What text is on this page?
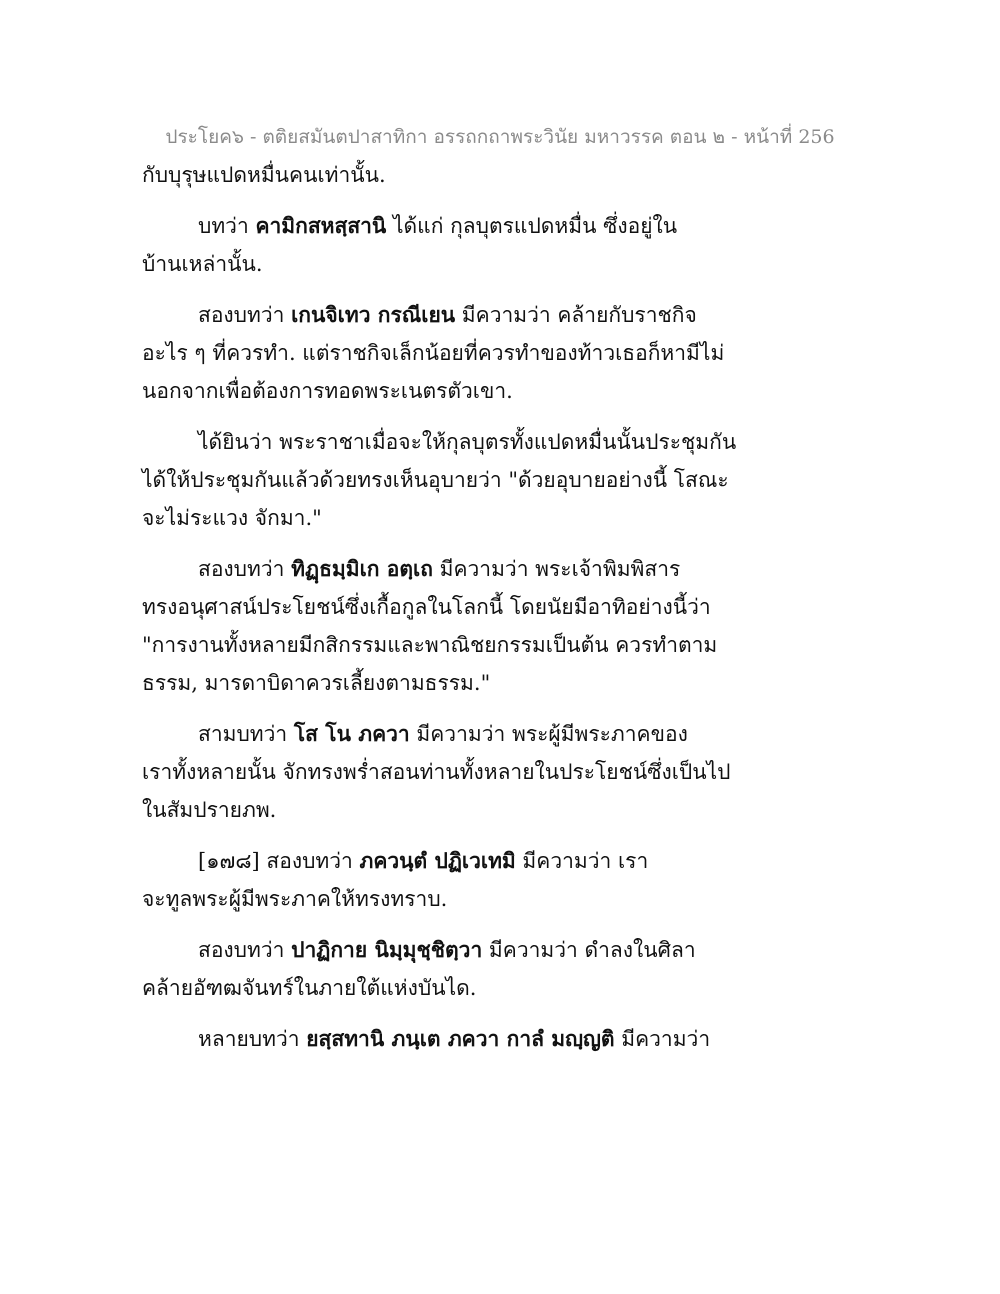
ประโยค๖ - ตติยสมันตปาสาทิกา อรรถกถาพระวินัย มหาวรรค ตอน ๒ - หน้าที่ 256
กับบุรุษแปดหมื่นคนเท่านั้น.
บทว่า คามิกสหสฺสานิ ได้แก่ กุลบุตรแปดหมื่น ซึ่งอยู่ใน
บ้านเหล่านั้น.
สองบทว่า เกนจิเทว กรณีเยน มีความว่า คล้ายกับราชกิจ
อะไร ๆ ที่ควรทำ. แต่ราชกิจเล็กน้อยที่ควรทำของท้าวเธอก็หามีไม่
นอกจากเพื่อต้องการทอดพระเนตรตัวเขา.
ได้ยินว่า พระราชาเมื่อจะให้กุลบุตรทั้งแปดหมื่นนั้นประชุมกัน
ได้ให้ประชุมกันแล้วด้วยทรงเห็นอุบายว่า "ด้วยอุบายอย่างนี้ โสณะ
จะไม่ระแวง จักมา."
สองบทว่า ทิฏฺธมฺมิเก อตฺเถ มีความว่า พระเจ้าพิมพิสาร
ทรงอนุศาสน์ประโยชน์ซึ่งเกื้อกูลในโลกนี้ โดยนัยมีอาทิอย่างนี้ว่า
"การงานทั้งหลายมีกสิกรรมและพาณิชยกรรมเป็นต้น ควรทำตาม
ธรรม, มารดาบิดาควรเลี้ยงตามธรรม."
สามบทว่า โส โน ภควา มีความว่า พระผู้มีพระภาคของ
เราทั้งหลายนั้น จักทรงพร่ำสอนท่านทั้งหลายในประโยชน์ซึ่งเป็นไป
ในสัมปรายภพ.
[๑๗๘] สองบทว่า ภควนฺตํ ปฏิเวเทมิ มีความว่า เรา
จะทูลพระผู้มีพระภาคให้ทรงทราบ.
สองบทว่า ปาฏิกาย นิมฺมุชฺชิตฺวา มีความว่า ดำลงในศิลา
คล้ายอัฑฒจันทร์ในภายใต้แห่งบันได.
หลายบทว่า ยสฺสทานิ ภนฺเต ภควา กาลํ มญฺญติ มีความว่า
